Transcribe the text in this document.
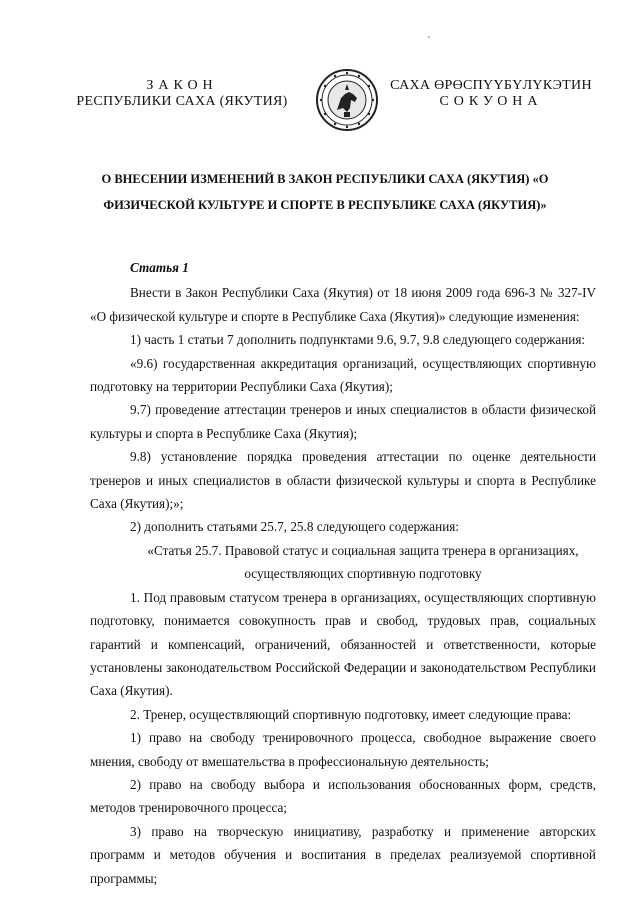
ЗАКОН
РЕСПУБЛИКИ САХА (ЯКУТИЯ)
САХА ӨРӨСПҮҮБҮЛҮКЭТИН
СОКУОНА
О ВНЕСЕНИИ ИЗМЕНЕНИЙ В ЗАКОН РЕСПУБЛИКИ САХА (ЯКУТИЯ) «О ФИЗИЧЕСКОЙ КУЛЬТУРЕ И СПОРТЕ В РЕСПУБЛИКЕ САХА (ЯКУТИЯ)»

Статья 1

Внести в Закон Республики Саха (Якутия) от 18 июня 2009 года 696-З № 327-IV «О физической культуре и спорте в Республике Саха (Якутия)» следующие изменения:

1) часть 1 статьи 7 дополнить подпунктами 9.6, 9.7, 9.8 следующего содержания:

«9.6) государственная аккредитация организаций, осуществляющих спортивную подготовку на территории Республики Саха (Якутия);

9.7) проведение аттестации тренеров и иных специалистов в области физической культуры и спорта в Республике Саха (Якутия);

9.8) установление порядка проведения аттестации по оценке деятельности тренеров и иных специалистов в области физической культуры и спорта в Республике Саха (Якутия);»;

2) дополнить статьями 25.7, 25.8 следующего содержания:

«Статья 25.7. Правовой статус и социальная защита тренера в организациях,

осуществляющих спортивную подготовку

1. Под правовым статусом тренера в организациях, осуществляющих спортивную подготовку, понимается совокупность прав и свобод, трудовых прав, социальных гарантий и компенсаций, ограничений, обязанностей и ответственности, которые установлены законодательством Российской Федерации и законодательством Республики Саха (Якутия).

2. Тренер, осуществляющий спортивную подготовку, имеет следующие права:

1) право на свободу тренировочного процесса, свободное выражение своего мнения, свободу от вмешательства в профессиональную деятельность;

2) право на свободу выбора и использования обоснованных форм, средств, методов тренировочного процесса;

3) право на творческую инициативу, разработку и применение авторских программ и методов обучения и воспитания в пределах реализуемой спортивной программы;
